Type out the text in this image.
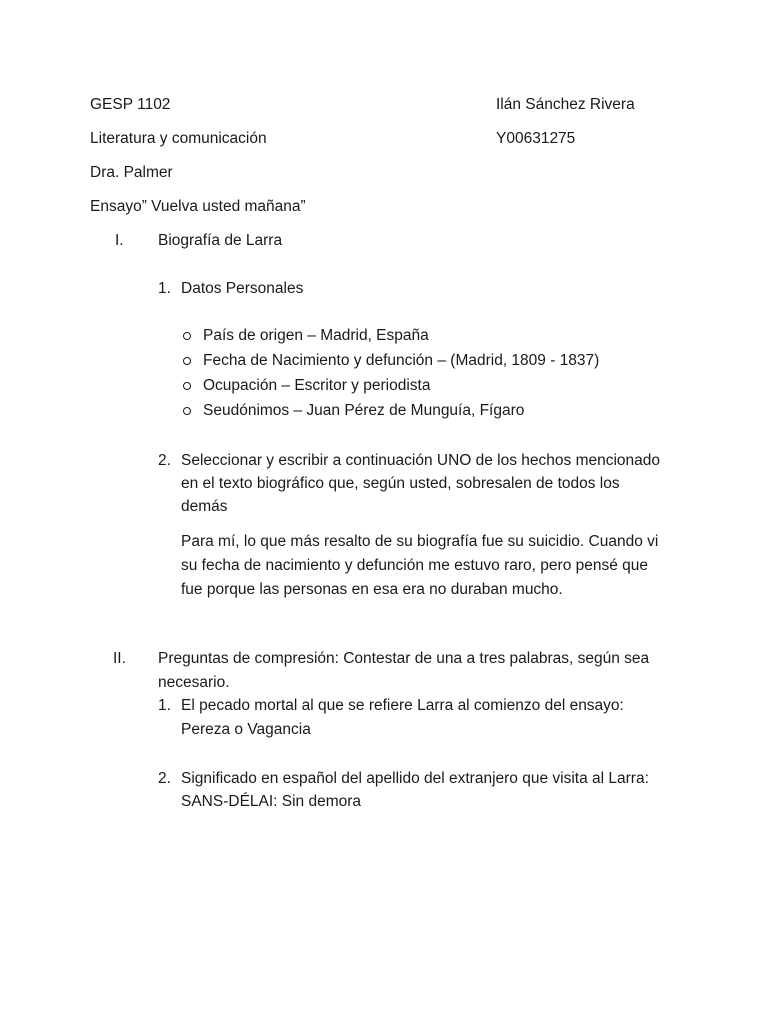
GESP 1102	Ilán Sánchez Rivera
Literatura y comunicación	Y00631275
Dra. Palmer
Ensayo” Vuelva usted mañana”
I. Biografía de Larra
1. Datos Personales
País de origen – Madrid, España
Fecha de Nacimiento y defunción – (Madrid, 1809 - 1837)
Ocupación – Escritor y periodista
Seudónimos – Juan Pérez de Munguía, Fígaro
2. Seleccionar y escribir a continuación UNO de los hechos mencionado
en el texto biográfico que, según usted, sobresalen de todos los
demás
Para mí, lo que más resalto de su biografía fue su suicidio. Cuando vi
su fecha de nacimiento y defunción me estuvo raro, pero pensé que
fue porque las personas en esa era no duraban mucho.
II. Preguntas de compresión: Contestar de una a tres palabras, según sea
necesario.
1. El pecado mortal al que se refiere Larra al comienzo del ensayo:
Pereza o Vagancia
2. Significado en español del apellido del extranjero que visita al Larra:
SANS-DÉLAI: Sin demora
